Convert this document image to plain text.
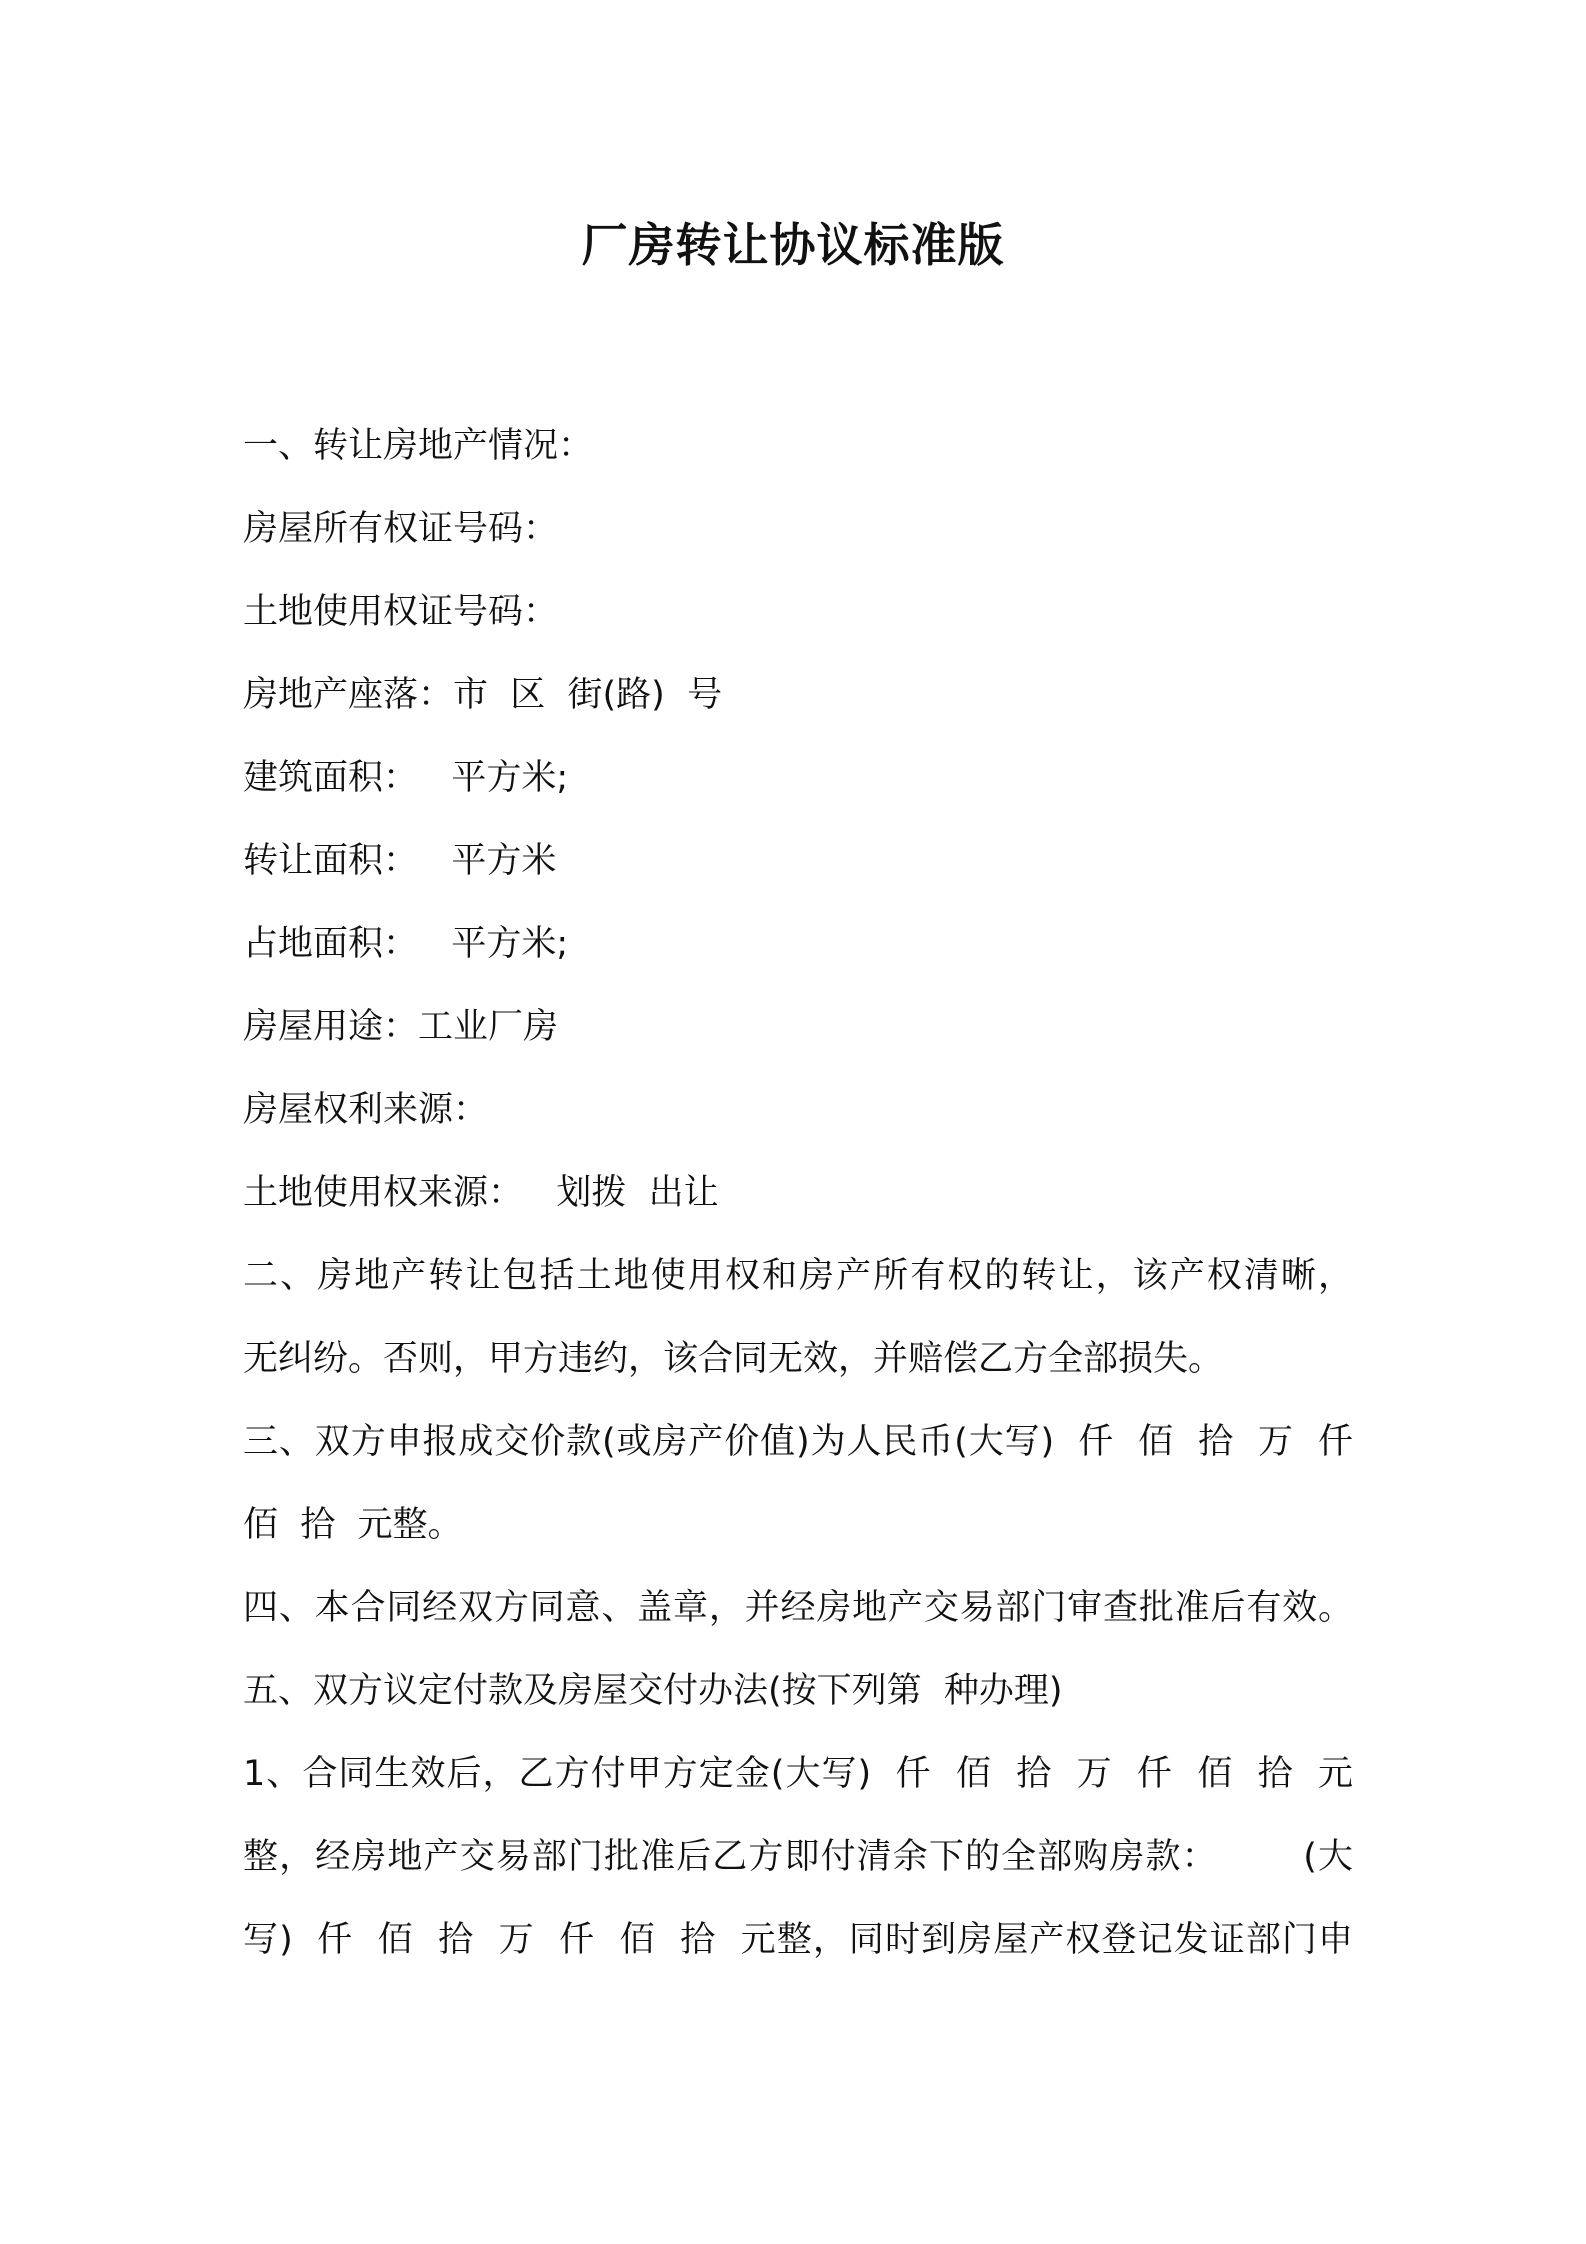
厂房转让协议标准版
一、转让房地产情况：
房屋所有权证号码：
土地使用权证号码：
房地产座落：市  区  街(路)  号
建筑面积：   平方米;
转让面积：   平方米
占地面积：   平方米;
房屋用途：工业厂房
房屋权利来源：
土地使用权来源：   划拨  出让
二、房地产转让包括土地使用权和房产所有权的转让，该产权清晰，
无纠纷。否则，甲方违约，该合同无效，并赔偿乙方全部损失。
三、双方申报成交价款(或房产价值)为人民币(大写)  仟  佰  拾  万  仟
佰  拾  元整。
四、本合同经双方同意、盖章，并经房地产交易部门审查批准后有效。
五、双方议定付款及房屋交付办法(按下列第  种办理)
1、合同生效后，乙方付甲方定金(大写)  仟  佰  拾  万  仟  佰  拾  元
整，经房地产交易部门批准后乙方即付清余下的全部购房款：       (大
写)  仟  佰  拾  万  仟  佰  拾  元整，同时到房屋产权登记发证部门申
